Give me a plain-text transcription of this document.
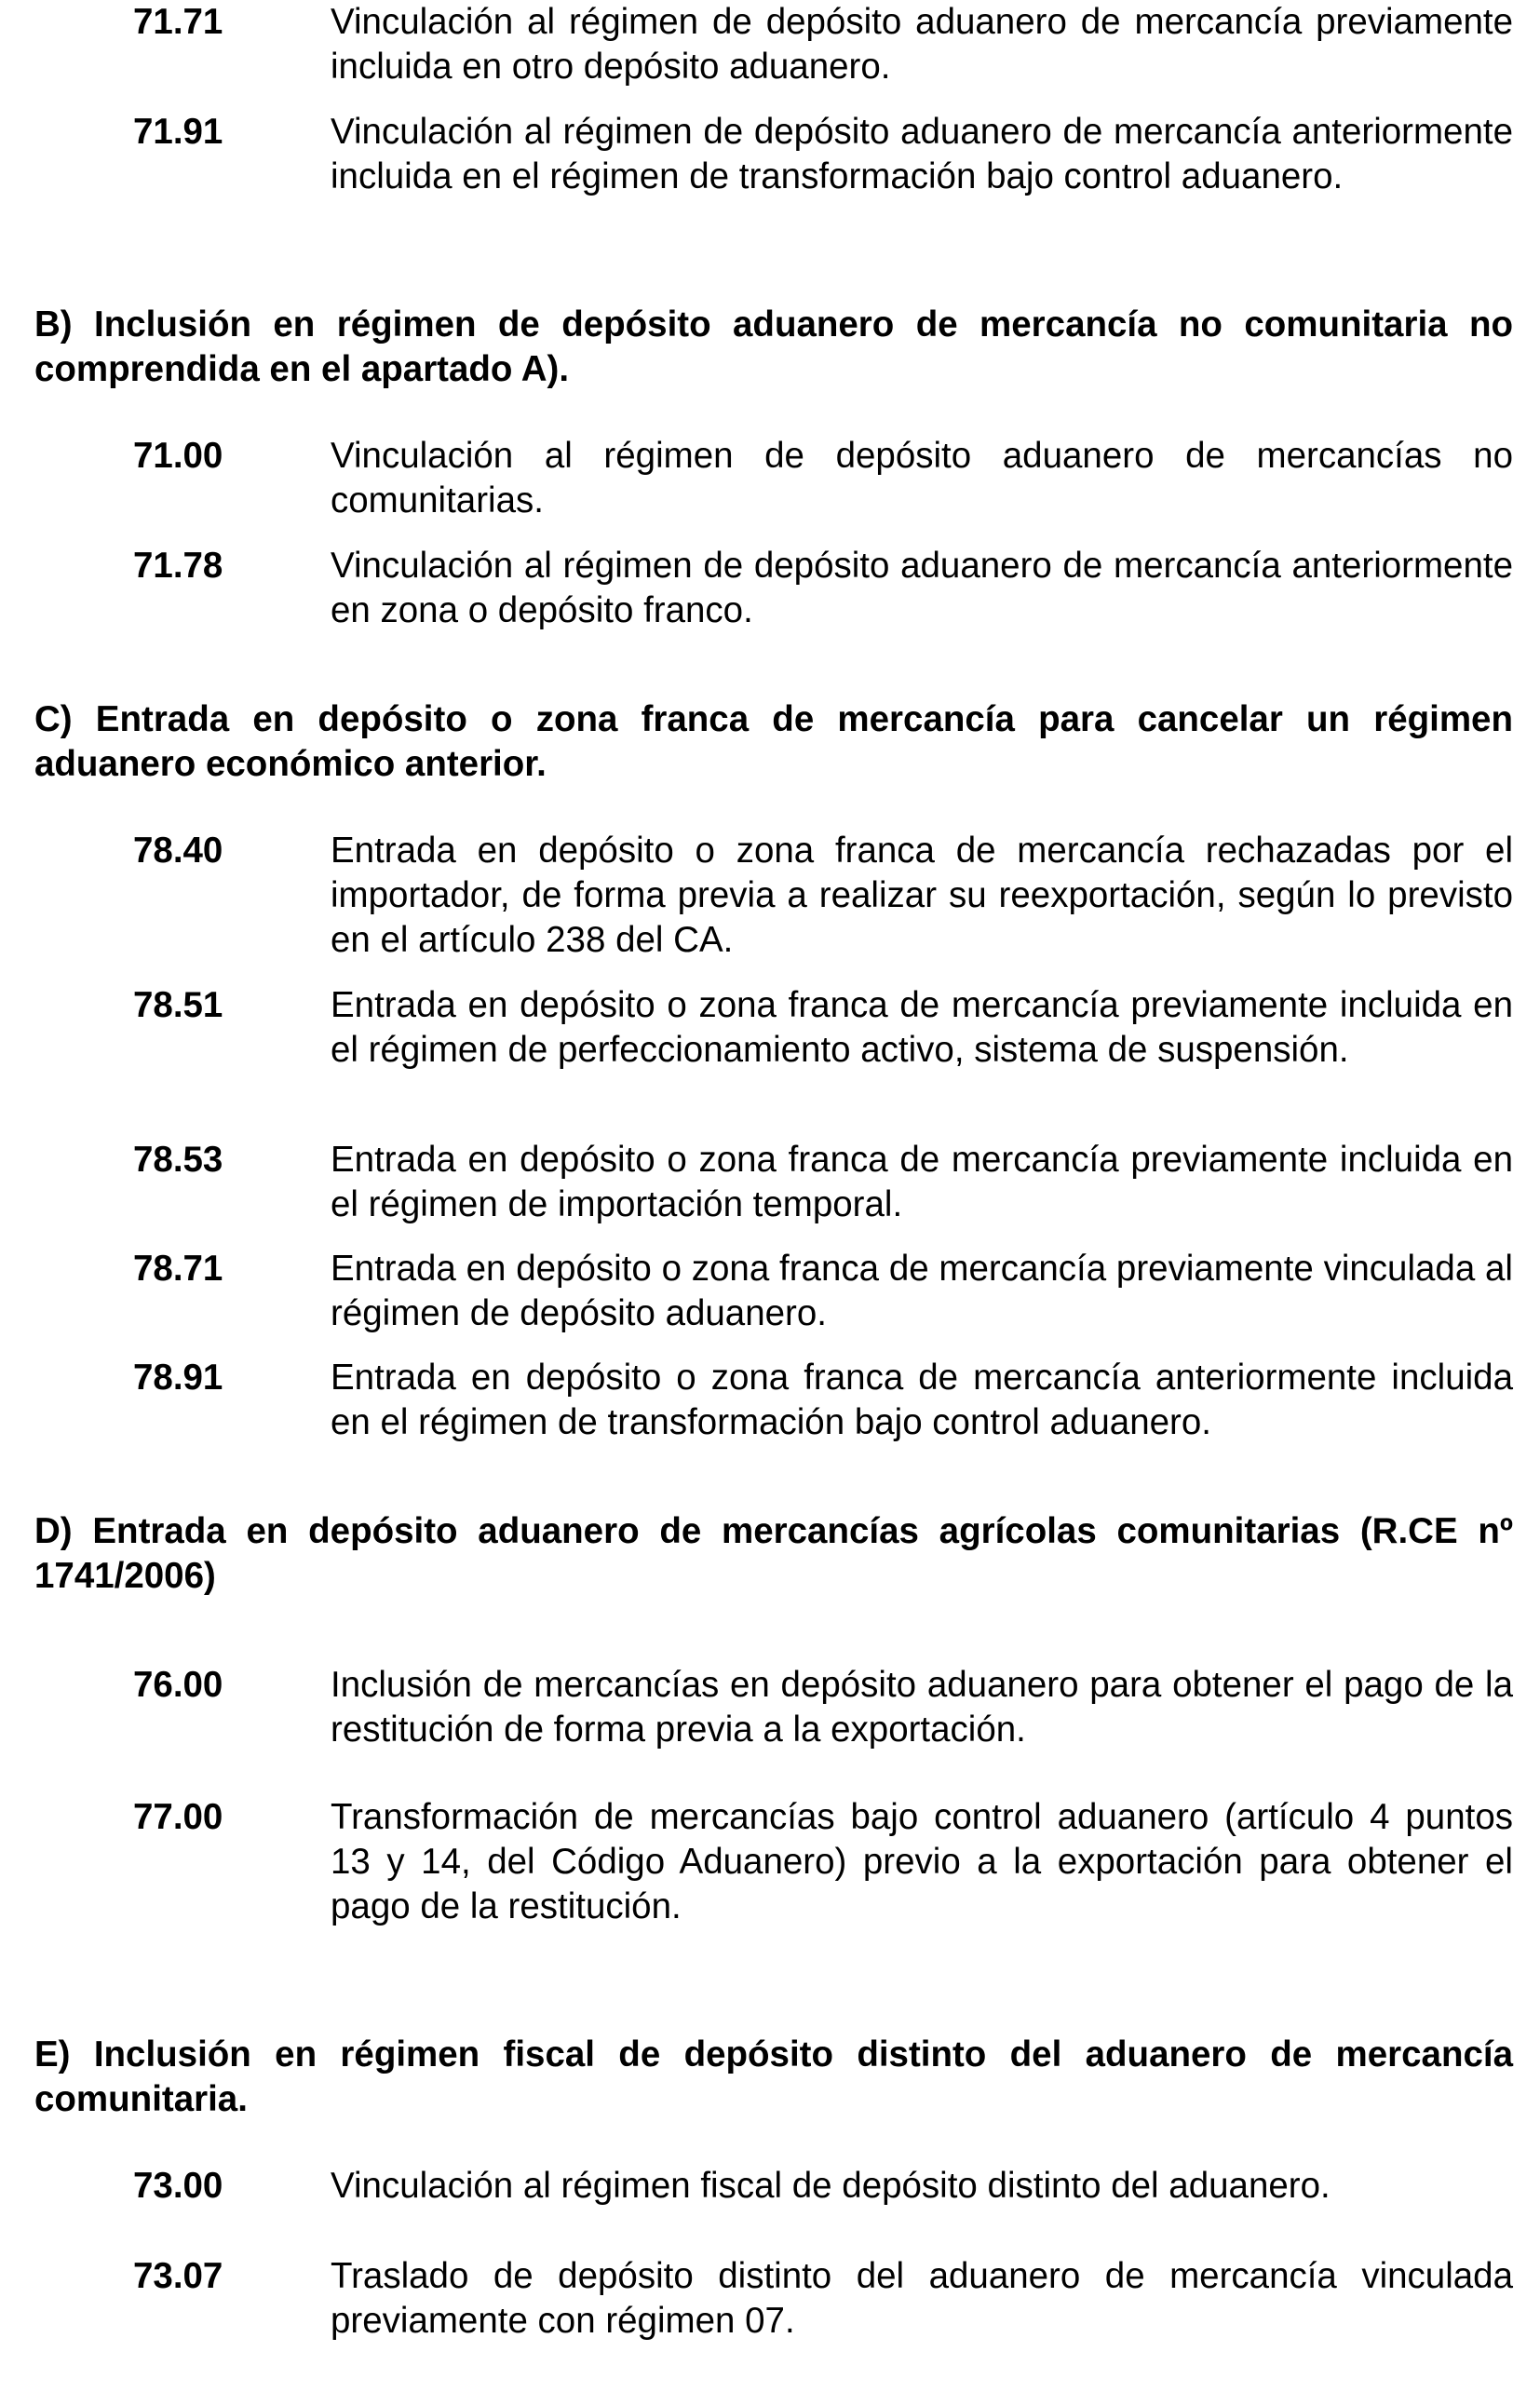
71.71	Vinculación al régimen de depósito aduanero de mercancía previamente incluida en otro depósito aduanero.
71.91	Vinculación al régimen de depósito aduanero de mercancía anteriormente incluida en el régimen de transformación bajo control aduanero.
B) Inclusión en régimen de depósito aduanero de mercancía no comunitaria no comprendida en el apartado A).
71.00	Vinculación al régimen de depósito aduanero de mercancías no comunitarias.
71.78	Vinculación al régimen de depósito aduanero de mercancía anteriormente en zona o depósito franco.
C) Entrada en depósito o zona franca de mercancía para cancelar un régimen aduanero económico anterior.
78.40	Entrada en depósito o zona franca de mercancía rechazadas por el importador, de forma previa a realizar su reexportación, según lo previsto en el artículo 238 del CA.
78.51	Entrada en depósito o zona franca de mercancía previamente incluida en el régimen de perfeccionamiento activo, sistema de suspensión.
78.53	Entrada en depósito o zona franca de mercancía previamente incluida en el régimen de importación temporal.
78.71	Entrada en depósito o zona franca de mercancía previamente vinculada al régimen de depósito aduanero.
78.91	Entrada en depósito o zona franca de mercancía anteriormente incluida en el régimen de transformación bajo control aduanero.
D) Entrada en depósito aduanero de mercancías agrícolas comunitarias (R.CE nº 1741/2006)
76.00	Inclusión de mercancías en depósito aduanero para obtener el pago de la restitución de forma previa a la exportación.
77.00	Transformación de mercancías bajo control aduanero (artículo 4 puntos 13 y 14, del Código Aduanero) previo a la exportación para obtener el pago de la restitución.
E) Inclusión en régimen fiscal de depósito distinto del aduanero de mercancía comunitaria.
73.00	Vinculación al régimen fiscal de depósito distinto del aduanero.
73.07	Traslado de depósito distinto del aduanero de mercancía vinculada previamente con régimen 07.
